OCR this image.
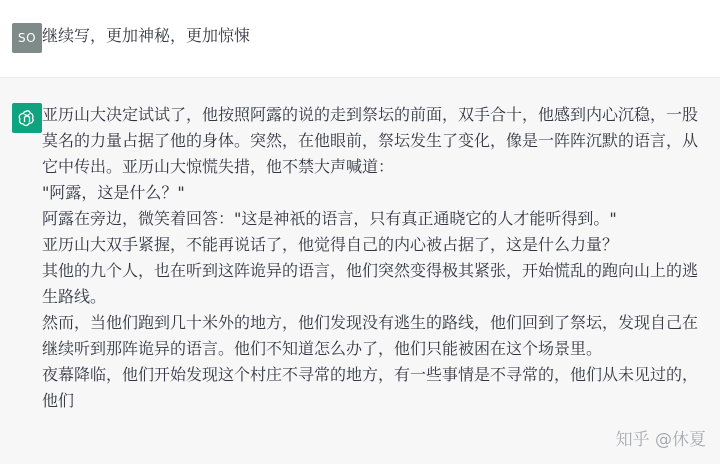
SO 继续写，更加神秘，更加惊悚

亚历山大决定试试了，他按照阿露的说的走到祭坛的前面，双手合十，他感到内心沉稳，一股莫名的力量占据了他的身体。突然，在他眼前，祭坛发生了变化，像是一阵阵沉默的语言，从它中传出。亚历山大惊慌失措，他不禁大声喊道：

"阿露，这是什么？"

阿露在旁边，微笑着回答："这是神祇的语言，只有真正通晓它的人才能听得到。"

亚历山大双手紧握，不能再说话了，他觉得自己的内心被占据了，这是什么力量？

其他的九个人，也在听到这阵诡异的语言，他们突然变得极其紧张，开始慌乱的跑向山上的逃生路线。

然而，当他们跑到几十米外的地方，他们发现没有逃生的路线，他们回到了祭坛，发现自己在继续听到那阵诡异的语言。他们不知道怎么办了，他们只能被困在这个场景里。

夜幕降临，他们开始发现这个村庄不寻常的地方，有一些事情是不寻常的，他们从未见过的，他们

知乎 @休夏
